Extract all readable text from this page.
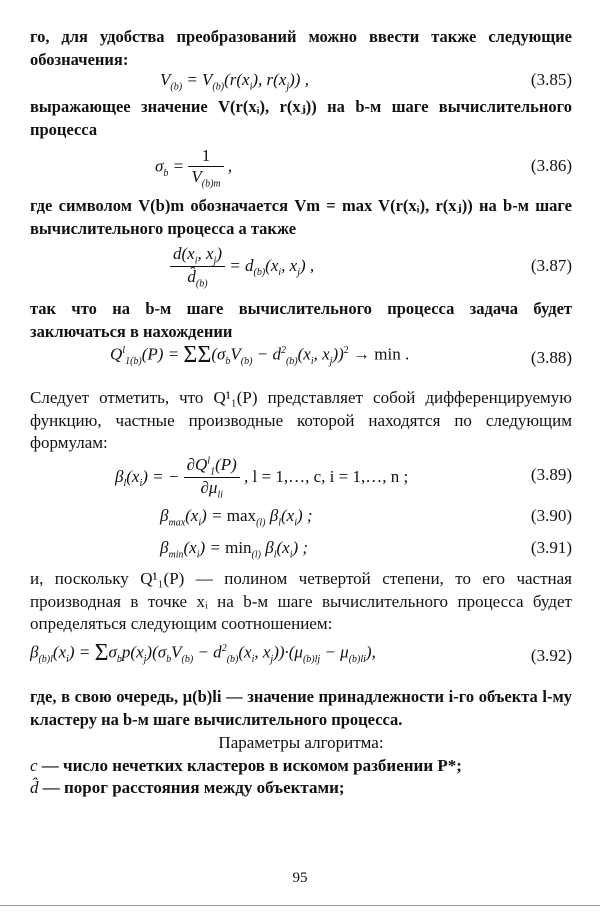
го, для удобства преобразований можно ввести также следующие обозначения:
$V_{(b)} = V_{(b)}(r(x_i)$, $r(x_j)$) ,	(3.85)
выражающее значение V(r(xᵢ), r(xⱼ)) на b-м шаге вычислительного процесса
$\sigma_b = \frac{1}{V_{(b)m}}$ ,	(3.86)
где символом V(b)m обозначается Vm = max V(r(xᵢ), r(xⱼ)) на b-м шаге вычислительного процесса а также
$\frac{d(x_i, x_j)}{d̂_{(b)}} = d_{(b)}(x_i$, $x_j$) ,	(3.87)
так что на b-м шаге вычислительного процесса задача будет заключаться в нахождении
$Q^l_{1(b)}(P) = \Sigma\Sigma(\sigma_bV_{(b)} - d^2_{(b)}(x_i$, $x_j))^2 \to \min$ .	(3.88)
Следует отметить, что Q¹₁(P) представляет собой дифференцируемую функцию, частные производные которой находятся по следующим формулам:
$\beta_l(x_i)$ = − $\frac{\partial Q^l_1(P)}{\partial\mu_{li}}$ , l = 1,…, c, i = 1,…, n ;	(3.89)
$\beta_{max}(x_i) = \max_{(l)} \beta_l(x_i)$ ;	(3.90)
$\beta_{min}(x_i) = \min_{(l)} \beta_l(x_i)$ ;	(3.91)
и, поскольку Q¹₁(P) — полином четвертой степени, то его частная производная в точке xᵢ на b-м шаге вычислительного процесса будет определяться следующим соотношением:
$\beta_{(b)l}(x_i) = \Sigma\sigma_bp(x_j)(\sigma_bV_{(b)} - d^2_{(b)}(x_i$, $x_j))\cdot(\mu_{(b)lj} - \mu_{(b)li})$,	(3.92)
где, в свою очередь, μ(b)li — значение принадлежности i-го объекта l-му кластеру на b-м шаге вычислительного процесса.
Параметры алгоритма:
c — число нечетких кластеров в искомом разбиении P*;
d̂ — порог расстояния между объектами;
95
